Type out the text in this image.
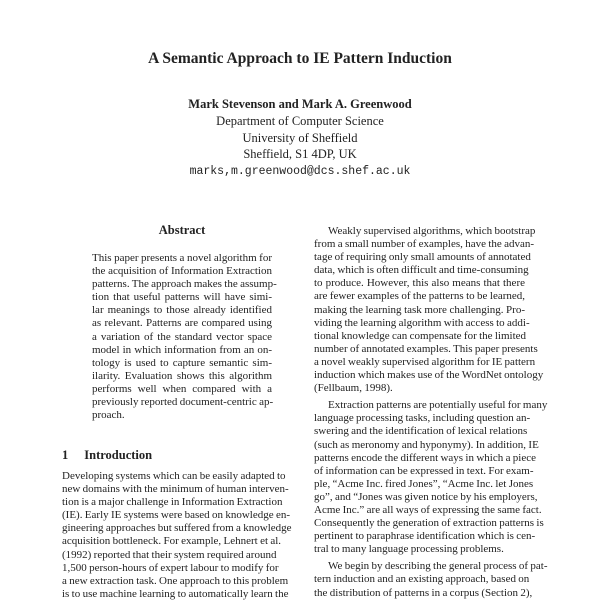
A Semantic Approach to IE Pattern Induction
Mark Stevenson and Mark A. Greenwood
Department of Computer Science
University of Sheffield
Sheffield, S1 4DP, UK
marks,m.greenwood@dcs.shef.ac.uk
Abstract
This paper presents a novel algorithm for
the acquisition of Information Extraction
patterns. The approach makes the assump-
tion that useful patterns will have simi-
lar meanings to those already identified
as relevant. Patterns are compared using
a variation of the standard vector space
model in which information from an on-
tology is used to capture semantic sim-
ilarity. Evaluation shows this algorithm
performs well when compared with a
previously reported document-centric ap-
proach.
1 Introduction
Developing systems which can be easily adapted to
new domains with the minimum of human interven-
tion is a major challenge in Information Extraction
(IE). Early IE systems were based on knowledge en-
gineering approaches but suffered from a knowledge
acquisition bottleneck. For example, Lehnert et al.
(1992) reported that their system required around
1,500 person-hours of expert labour to modify for
a new extraction task. One approach to this problem
is to use machine learning to automatically learn the
Weakly supervised algorithms, which bootstrap
from a small number of examples, have the advan-
tage of requiring only small amounts of annotated
data, which is often difficult and time-consuming
to produce. However, this also means that there
are fewer examples of the patterns to be learned,
making the learning task more challenging. Pro-
viding the learning algorithm with access to addi-
tional knowledge can compensate for the limited
number of annotated examples. This paper presents
a novel weakly supervised algorithm for IE pattern
induction which makes use of the WordNet ontology
(Fellbaum, 1998).
Extraction patterns are potentially useful for many
language processing tasks, including question an-
swering and the identification of lexical relations
(such as meronomy and hyponymy). In addition, IE
patterns encode the different ways in which a piece
of information can be expressed in text. For exam-
ple, “Acme Inc. fired Jones”, “Acme Inc. let Jones
go”, and “Jones was given notice by his employers,
Acme Inc.” are all ways of expressing the same fact.
Consequently the generation of extraction patterns is
pertinent to paraphrase identification which is cen-
tral to many language processing problems.
We begin by describing the general process of pat-
tern induction and an existing approach, based on
the distribution of patterns in a corpus (Section 2),
